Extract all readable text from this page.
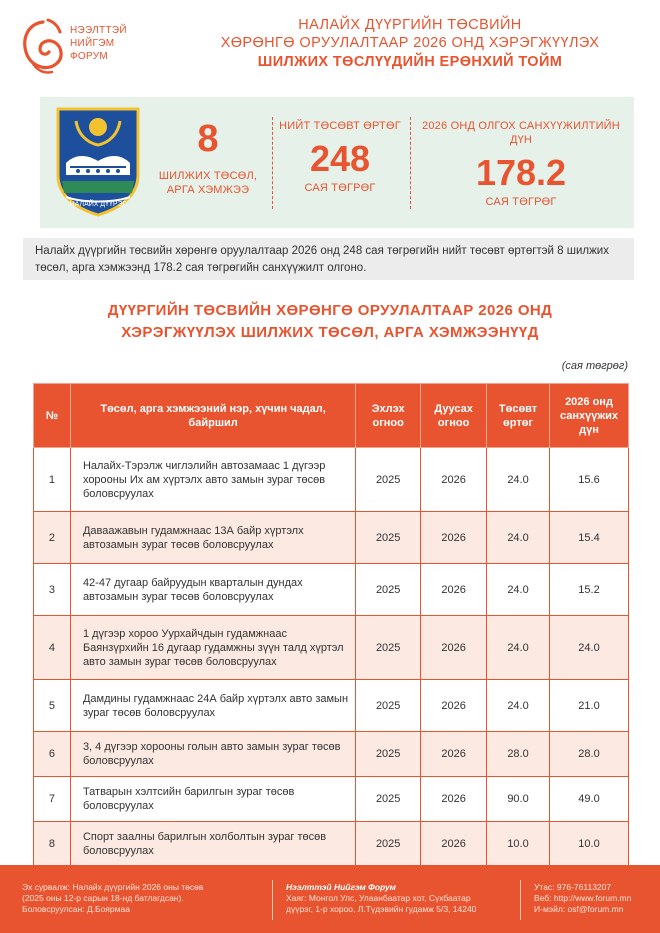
НЭЭЛТТЭЙ
НИЙГЭМ
ФОРУМ
НАЛАЙХ ДҮҮРГИЙН ТӨСВИЙН
ХӨРӨНГӨ ОРУУЛАЛТААР 2026 ОНД ХЭРЭГЖҮҮЛЭХ
ШИЛЖИХ ТӨСЛҮҮДИЙН ЕРӨНХИЙ ТОЙМ
НАЛАЙХ ДҮҮРЭГ
8
ШИЛЖИХ ТӨСӨЛ,
АРГА ХЭМЖЭЭ
НИЙТ ТӨСӨВТ ӨРТӨГ
248
САЯ ТӨГРӨГ
2026 ОНД ОЛГОХ САНХҮҮЖИЛТИЙН ДҮН
178.2
САЯ ТӨГРӨГ
Налайх дүүргийн төсвийн хөрөнгө оруулалтаар 2026 онд 248 сая төгрөгийн нийт төсөвт өртөгтэй 8 шилжих төсөл, арга хэмжээнд 178.2 сая төгрөгийн санхүүжилт олгоно.
ДҮҮРГИЙН ТӨСВИЙН ХӨРӨНГӨ ОРУУЛАЛТААР 2026 ОНД
ХЭРЭГЖҮҮЛЭХ ШИЛЖИХ ТӨСӨЛ, АРГА ХЭМЖЭЭНҮҮД
(сая төгрөг)
№	Төсөл, арга хэмжээний нэр, хүчин чадал, байршил	Эхлэх огноо	Дуусах огноо	Төсөвт өртөг	2026 онд санхүүжих дүн
1	Налайх-Тэрэлж чиглэлийн автозамаас 1 дүгээр хорооны Их ам хүртэлх авто замын зураг төсөв боловсруулах	2025	2026	24.0	15.6
2	Даваажавын гудамжнаас 13А байр хүртэлх автозамын зураг төсөв боловсруулах	2025	2026	24.0	15.4
3	42-47 дугаар байруудын кварталын дундах автозамын зураг төсөв боловсруулах	2025	2026	24.0	15.2
4	1 дүгээр хороо Уурхайчдын гудамжнаас Баянзүрхийн 16 дугаар гудамжны зүүн талд хүртэл авто замын зураг төсөв боловсруулах	2025	2026	24.0	24.0
5	Дамдины гудамжнаас 24А байр хүртэлх авто замын зураг төсөв боловсруулах	2025	2026	24.0	21.0
6	3, 4 дүгээр хорооны голын авто замын зураг төсөв боловсруулах	2025	2026	28.0	28.0
7	Татварын хэлтсийн барилгын зураг төсөв боловсруулах	2025	2026	90.0	49.0
8	Спорт заалны барилгын холболтын зураг төсөв боловсруулах	2025	2026	10.0	10.0
Эх сурвалж: Налайх дүүргийн 2026 оны төсөв
(2025 оны 12-р сарын 18-нд батлагдсан).
Боловсруулсан: Д.Боярмаа
Нээлттэй Нийгэм Форум
Хаяг: Монгол Улс, Улаанбаатар хот, Сүхбаатар
дүүрэг, 1-р хороо, Л.Түдэвийн гудамж 5/3, 14240
Утас: 976-76113207
Веб: http://www.forum.mn
И-мэйл: osf@forum.mn
